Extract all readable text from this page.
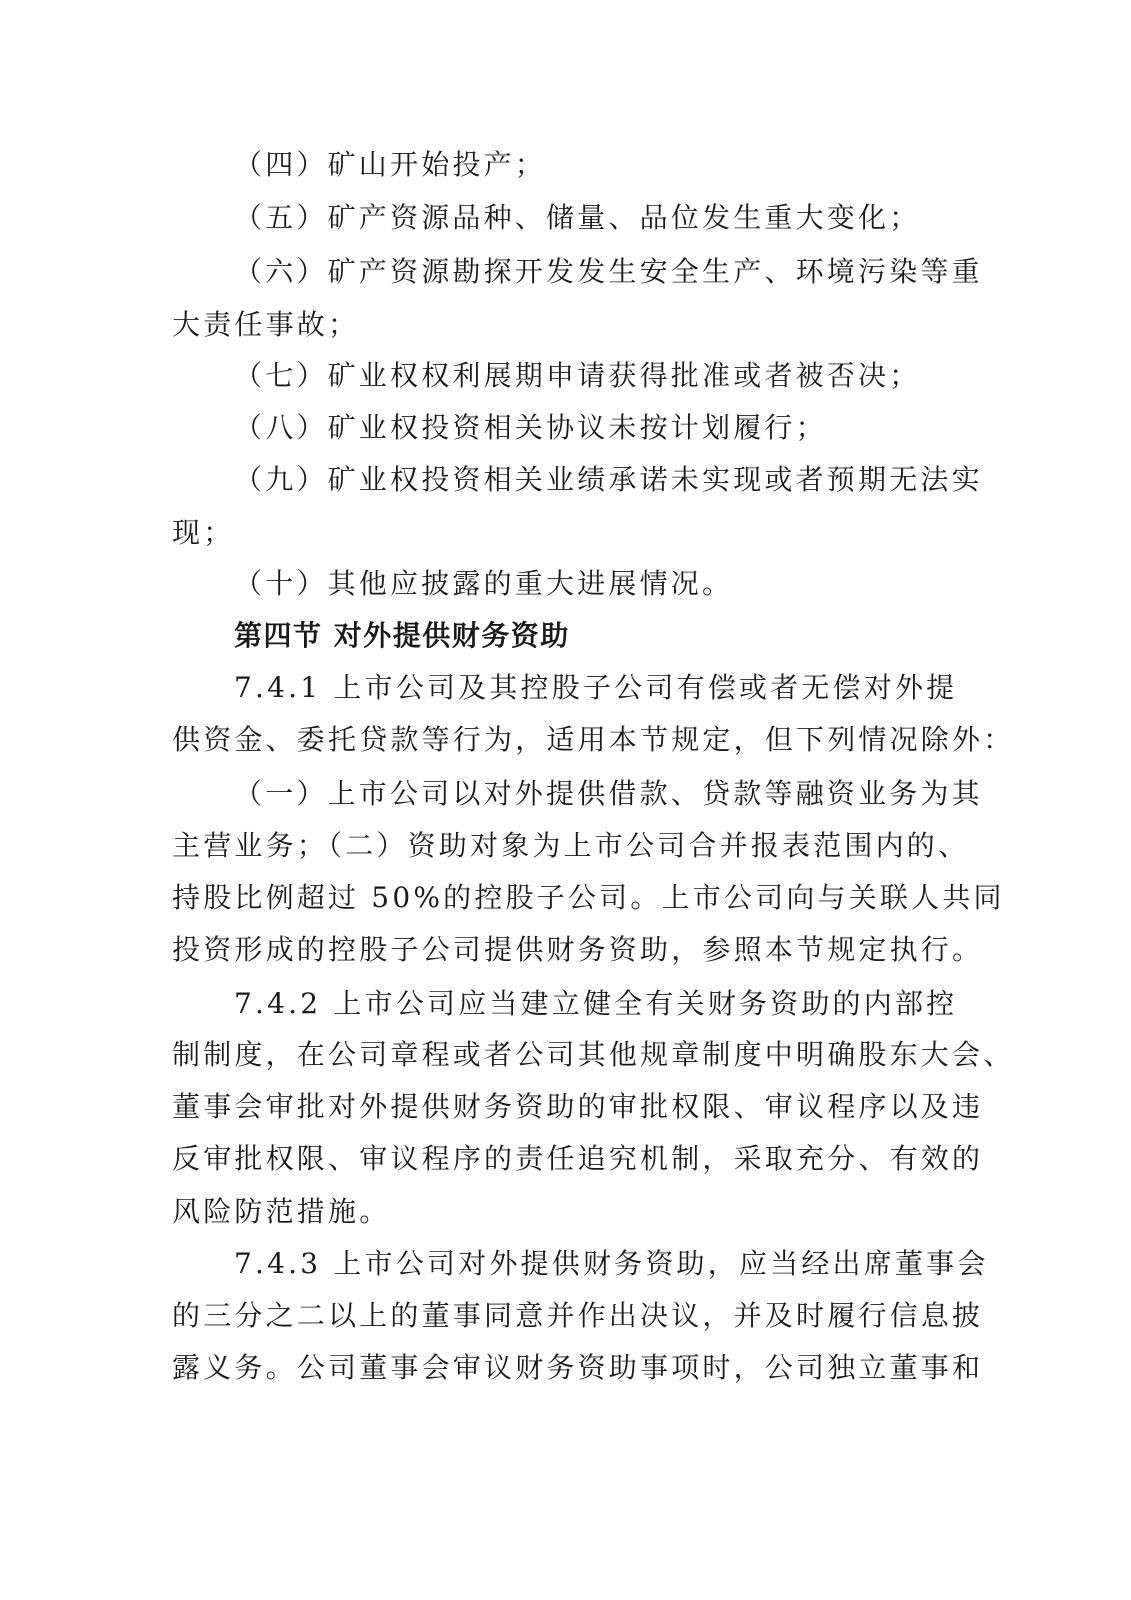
（四）矿山开始投产；
（五）矿产资源品种、储量、品位发生重大变化；
（六）矿产资源勘探开发发生安全生产、环境污染等重
大责任事故；
（七）矿业权权利展期申请获得批准或者被否决；
（八）矿业权投资相关协议未按计划履行；
（九）矿业权投资相关业绩承诺未实现或者预期无法实
现；
（十）其他应披露的重大进展情况。
第四节 对外提供财务资助
7.4.1 上市公司及其控股子公司有偿或者无偿对外提
供资金、委托贷款等行为，适用本节规定，但下列情况除外：
（一）上市公司以对外提供借款、贷款等融资业务为其
主营业务；（二）资助对象为上市公司合并报表范围内的、
持股比例超过 50%的控股子公司。上市公司向与关联人共同
投资形成的控股子公司提供财务资助，参照本节规定执行。
7.4.2 上市公司应当建立健全有关财务资助的内部控
制制度，在公司章程或者公司其他规章制度中明确股东大会、
董事会审批对外提供财务资助的审批权限、审议程序以及违
反审批权限、审议程序的责任追究机制，采取充分、有效的
风险防范措施。
7.4.3 上市公司对外提供财务资助，应当经出席董事会
的三分之二以上的董事同意并作出决议，并及时履行信息披
露义务。公司董事会审议财务资助事项时，公司独立董事和
